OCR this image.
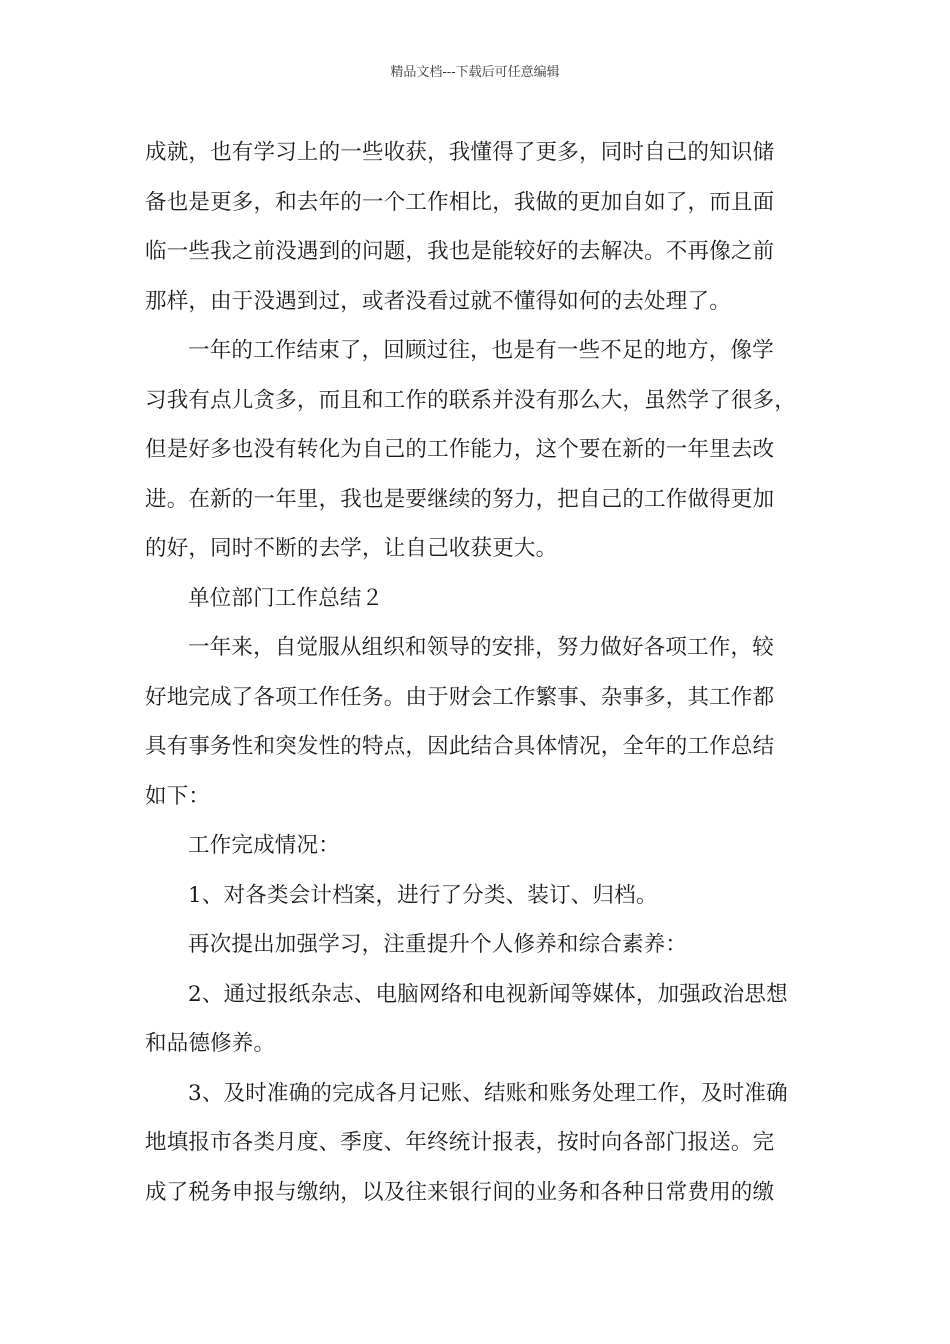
精品文档---下载后可任意编辑
成就，也有学习上的一些收获，我懂得了更多，同时自己的知识储
备也是更多，和去年的一个工作相比，我做的更加自如了，而且面
临一些我之前没遇到的问题，我也是能较好的去解决。不再像之前
那样，由于没遇到过，或者没看过就不懂得如何的去处理了。
一年的工作结束了，回顾过往，也是有一些不足的地方，像学
习我有点儿贪多，而且和工作的联系并没有那么大，虽然学了很多，
但是好多也没有转化为自己的工作能力，这个要在新的一年里去改
进。在新的一年里，我也是要继续的努力，把自己的工作做得更加
的好，同时不断的去学，让自己收获更大。
单位部门工作总结２
一年来，自觉服从组织和领导的安排，努力做好各项工作，较
好地完成了各项工作任务。由于财会工作繁事、杂事多，其工作都
具有事务性和突发性的特点，因此结合具体情况，全年的工作总结
如下：
工作完成情况：
1、对各类会计档案，进行了分类、装订、归档。
再次提出加强学习，注重提升个人修养和综合素养：
2、通过报纸杂志、电脑网络和电视新闻等媒体，加强政治思想
和品德修养。
3、及时准确的完成各月记账、结账和账务处理工作，及时准确
地填报市各类月度、季度、年终统计报表，按时向各部门报送。完
成了税务申报与缴纳，以及往来银行间的业务和各种日常费用的缴
